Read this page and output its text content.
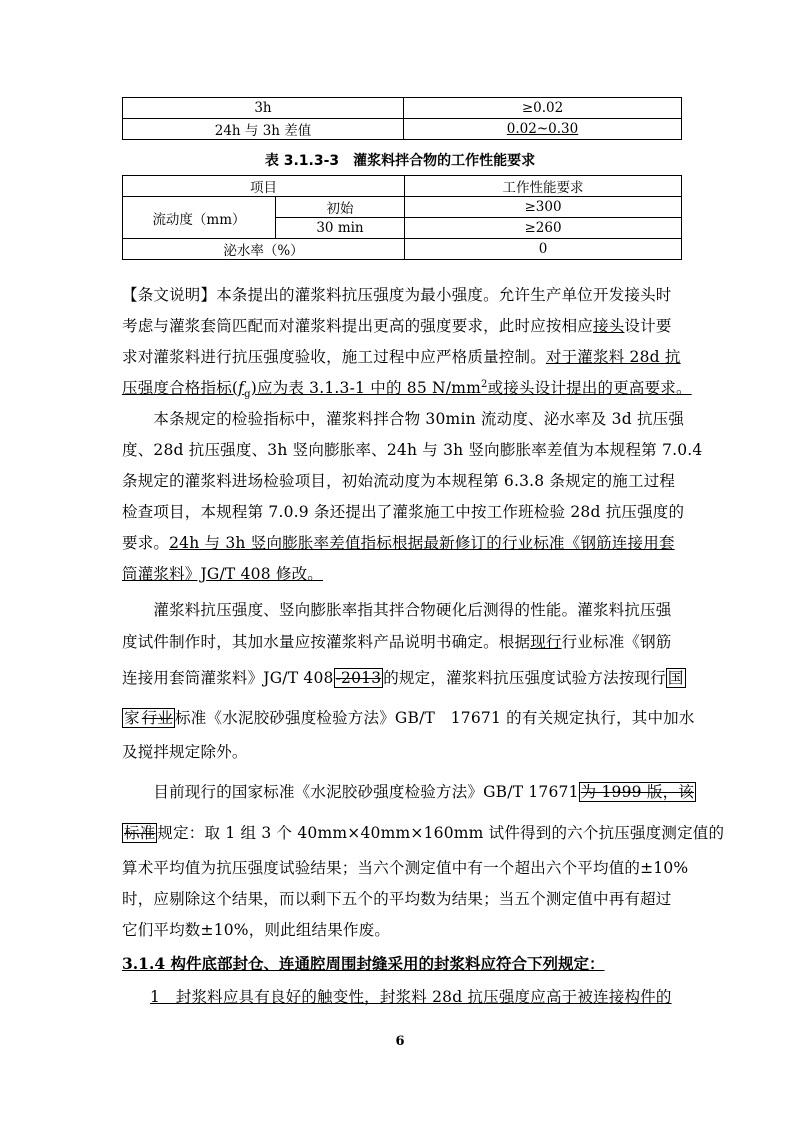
3h	≥0.02
24h 与 3h 差值	0.02~0.30
表 3.1.3-3　灌浆料拌合物的工作性能要求
项目		工作性能要求
流动度（mm）	初始	≥300
	30 min	≥260
泌水率（%）		0
【条文说明】本条提出的灌浆料抗压强度为最小强度。允许生产单位开发接头时
考虑与灌浆套筒匹配而对灌浆料提出更高的强度要求，此时应按相应接头设计要
求对灌浆料进行抗压强度验收，施工过程中应严格质量控制。对于灌浆料 28d 抗
压强度合格指标$(f_g)$应为表 3.1.3-1 中的 85 $N/mm^2$或接头设计提出的更高要求。
　　本条规定的检验指标中，灌浆料拌合物 30min 流动度、泌水率及 3d 抗压强
度、28d 抗压强度、3h 竖向膨胀率、24h 与 3h 竖向膨胀率差值为本规程第 7.0.4
条规定的灌浆料进场检验项目，初始流动度为本规程第 6.3.8 条规定的施工过程
检查项目，本规程第 7.0.9 条还提出了灌浆施工中按工作班检验 28d 抗压强度的
要求。24h 与 3h 竖向膨胀率差值指标根据最新修订的行业标准《钢筋连接用套
筒灌浆料》JG/T 408 修改。
　　灌浆料抗压强度、竖向膨胀率指其拌合物硬化后测得的性能。灌浆料抗压强
度试件制作时，其加水量应按灌浆料产品说明书确定。根据现行行业标准《钢筋
连接用套筒灌浆料》JG/T 408 -2013 的规定，灌浆料抗压强度试验方法按现行 国
家 行业 标准《水泥胶砂强度检验方法》GB/T　17671 的有关规定执行，其中加水
及搅拌规定除外。
　　目前现行的国家标准《水泥胶砂强度检验方法》GB/T 17671 为 1999 版，该
标准 规定：取 1 组 3 个 40mm×40mm×160mm 试件得到的六个抗压强度测定值的
算术平均值为抗压强度试验结果；当六个测定值中有一个超出六个平均值的±10%
时，应剔除这个结果，而以剩下五个的平均数为结果；当五个测定值中再有超过
它们平均数±10%，则此组结果作废。
3.1.4 构件底部封仓、连通腔周围封缝采用的封浆料应符合下列规定：
1　封浆料应具有良好的触变性，封浆料 28d 抗压强度应高于被连接构件的
6
